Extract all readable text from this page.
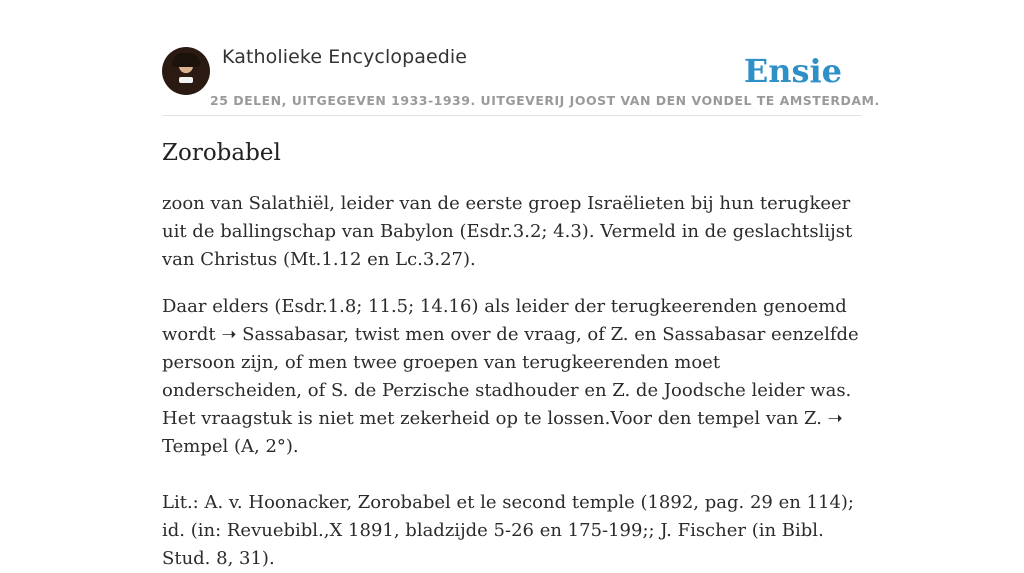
Katholieke Encyclopaedie
25 DELEN, UITGEGEVEN 1933-1939. UITGEVERIJ JOOST VAN DEN VONDEL TE AMSTERDAM.
Ensie
Zorobabel

zoon van Salathiël, leider van de eerste groep Israëlieten bij hun terugkeer uit de ballingschap van Babylon (Esdr.3.2; 4.3). Vermeld in de geslachtslijst van Christus (Mt.1.12 en Lc.3.27).

Daar elders (Esdr.1.8; 11.5; 14.16) als leider der terugkeerenden genoemd wordt ➝ Sassabasar, twist men over de vraag, of Z. en Sassabasar eenzelfde persoon zijn, of men twee groepen van terugkeerenden moet onderscheiden, of S. de Perzische stadhouder en Z. de Joodsche leider was. Het vraagstuk is niet met zekerheid op te lossen.Voor den tempel van Z. ➝ Tempel (A, 2°).

Lit.: A. v. Hoonacker, Zorobabel et le second temple (1892, pag. 29 en 114); id. (in: Revuebibl.,X 1891, bladzijde 5-26 en 175-199;; J. Fischer (in Bibl. Stud. 8, 31).
